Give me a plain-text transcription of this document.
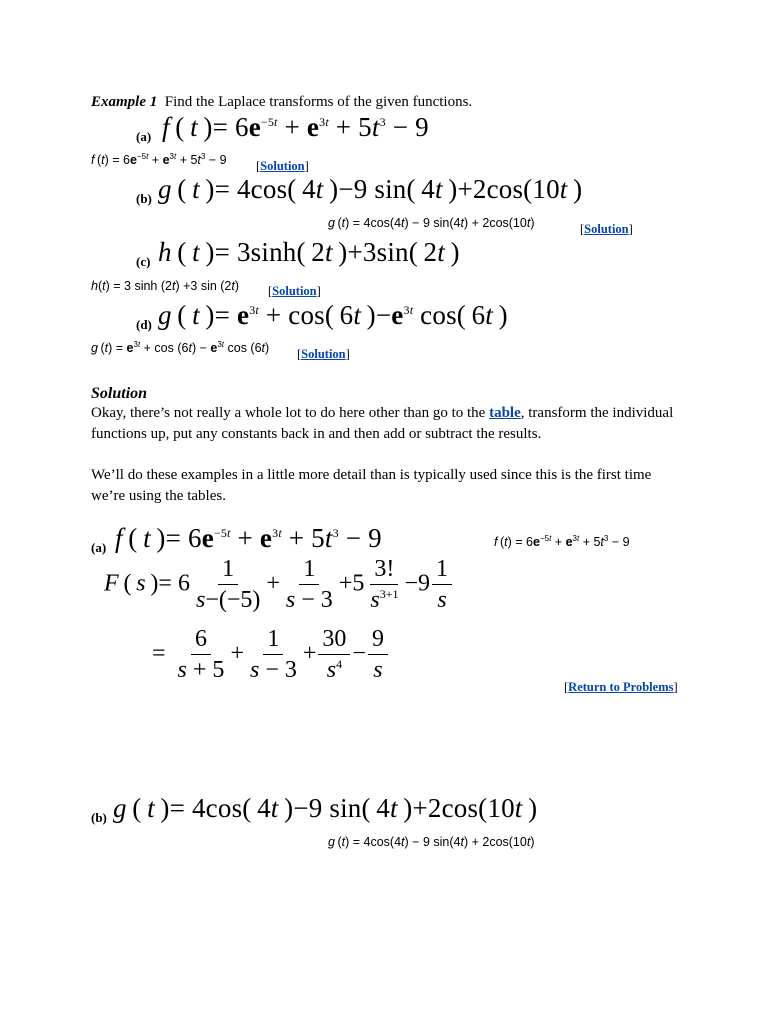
Example 1 Find the Laplace transforms of the given functions.
(a) f ( t )= $6e^{-5t} + e^{3t} + 5t^3 - 9$
f $(t) = 6e^{-5t} + e^{3t} + 5t^3 - 9$ [Solution]
(b) g ( t )= 4cos( 4t )−9 sin( 4t )+2cos(10t )
g (t) = 4cos(4t) − 9 sin(4t) + 2cos(10t)	[Solution]
(c) h ( t )= 3sinh( 2t )+3sin( 2t )
h(t) = 3 sinh (2t) +3 sin (2t) [Solution]
(d) g ( t )= $e^{3t} + \cos$( 6t )$-e^{3t}$ cos( 6t )
g $(t) = e^{3t} + \cos (6t) - e^{3t}$ cos (6t) [Solution]
Solution
Okay, there’s not really a whole lot to do here other than go to the table, transform the individual functions up, put any constants back in and then add or subtract the results.
We’ll do these examples in a little more detail than is typically used since this is the first time we’re using the tables.
(a) f ( t )= $6e^{-5t} + e^{3t} + 5t^3 - 9$	f $(t) = 6e^{-5t} + e^{3t} + 5t^3 - 9$
F ( s )= $6 \frac{1}{s-(-5)} + \frac{1}{s - 3} +5 \frac{3!}{s^{3+1}} -9 \frac{1}{s}$
= $\frac{6}{s + 5} + \frac{1}{s - 3} + \frac{30}{s^4} - \frac{9}{s}$
[Return to Problems]
(b) g ( t )= 4cos( 4t )−9 sin( 4t )+2cos(10t )
g (t) = 4cos(4t) − 9 sin(4t) + 2cos(10t)
